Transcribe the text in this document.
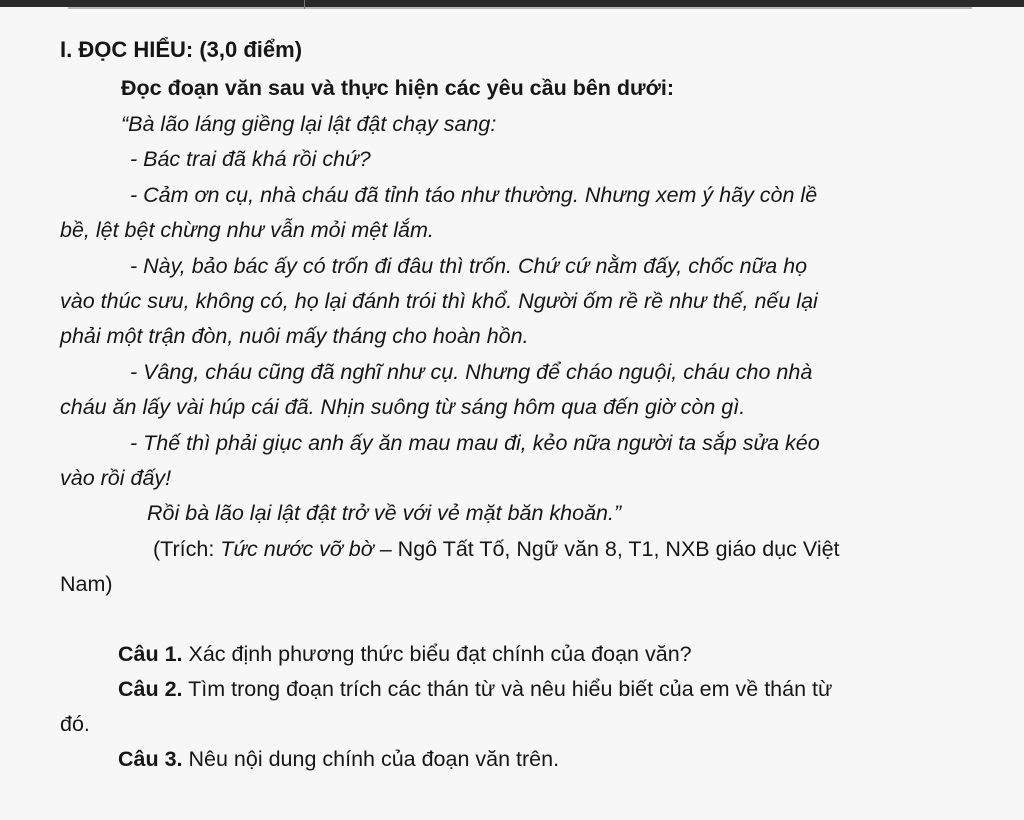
I. ĐỌC HIỂU: (3,0 điểm)

Đọc đoạn văn sau và thực hiện các yêu cầu bên dưới:

“Bà lão láng giềng lại lật đật chạy sang:

- Bác trai đã khá rồi chứ?

- Cảm ơn cụ, nhà cháu đã tỉnh táo như thường. Nhưng xem ý hãy còn lề

bề, lệt bệt chừng như vẫn mỏi mệt lắm.

- Này, bảo bác ấy có trốn đi đâu thì trốn. Chứ cứ nằm đấy, chốc nữa họ

vào thúc sưu, không có, họ lại đánh trói thì khổ. Người ốm rề rề như thế, nếu lại

phải một trận đòn, nuôi mấy tháng cho hoàn hồn.

- Vâng, cháu cũng đã nghĩ như cụ. Nhưng để cháo nguội, cháu cho nhà

cháu ăn lấy vài húp cái đã. Nhịn suông từ sáng hôm qua đến giờ còn gì.

- Thế thì phải giục anh ấy ăn mau mau đi, kẻo nữa người ta sắp sửa kéo

vào rồi đấy!

Rồi bà lão lại lật đật trở về với vẻ mặt băn khoăn.”

(Trích: Tức nước vỡ bờ – Ngô Tất Tố, Ngữ văn 8, T1, NXB giáo dục Việt

Nam)

Câu 1. Xác định phương thức biểu đạt chính của đoạn văn?

Câu 2. Tìm trong đoạn trích các thán từ và nêu hiểu biết của em về thán từ

đó.

Câu 3. Nêu nội dung chính của đoạn văn trên.
